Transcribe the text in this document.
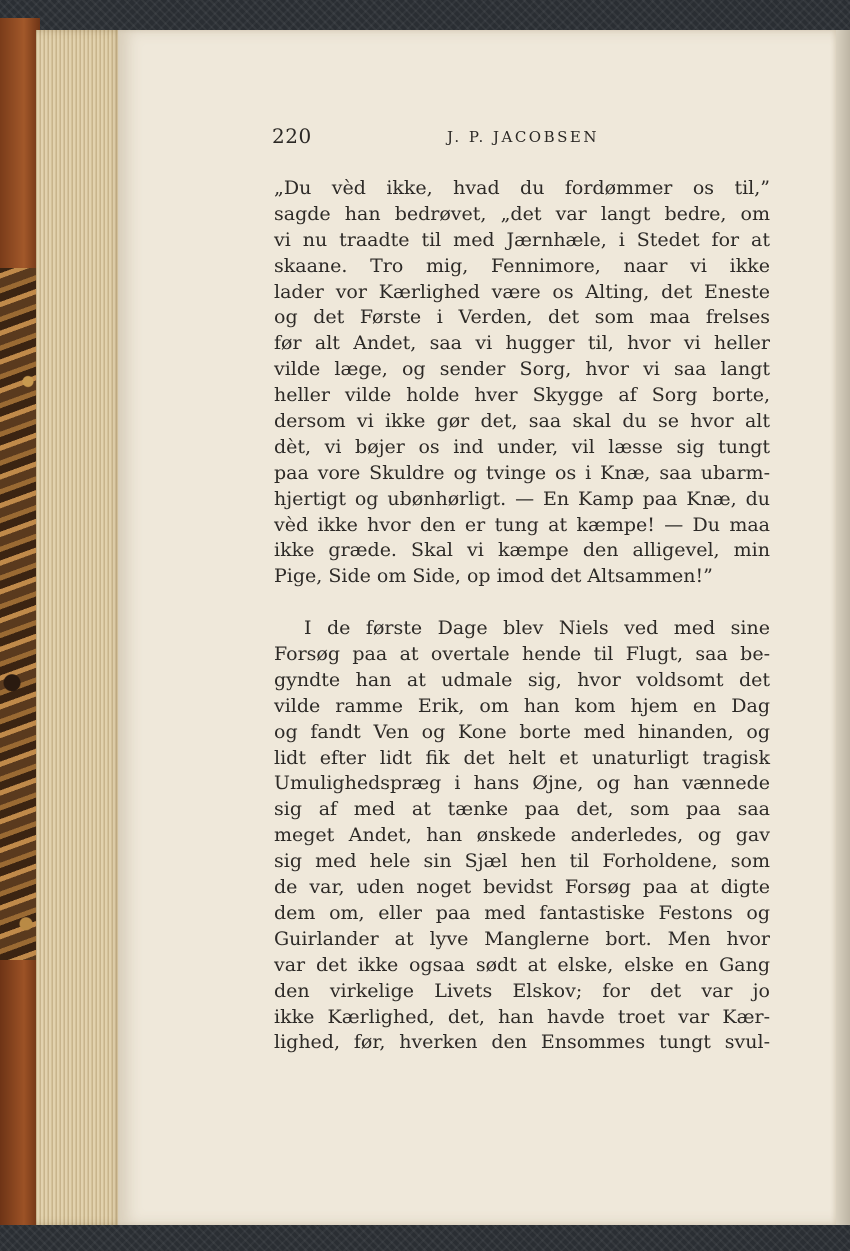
220	J. P. JACOBSEN
„Du vèd ikke, hvad du fordømmer os til,”
sagde han bedrøvet, „det var langt bedre, om
vi nu traadte til med Jærnhæle, i Stedet for at
skaane. Tro mig, Fennimore, naar vi ikke
lader vor Kærlighed være os Alting, det Eneste
og det Første i Verden, det som maa frelses
før alt Andet, saa vi hugger til, hvor vi heller
vilde læge, og sender Sorg, hvor vi saa langt
heller vilde holde hver Skygge af Sorg borte,
dersom vi ikke gør det, saa skal du se hvor alt
dèt, vi bøjer os ind under, vil læsse sig tungt
paa vore Skuldre og tvinge os i Knæ, saa ubarm-
hjertigt og ubønhørligt. — En Kamp paa Knæ, du
vèd ikke hvor den er tung at kæmpe! — Du maa
ikke græde. Skal vi kæmpe den alligevel, min
Pige, Side om Side, op imod det Altsammen!”
I de første Dage blev Niels ved med sine
Forsøg paa at overtale hende til Flugt, saa be-
gyndte han at udmale sig, hvor voldsomt det
vilde ramme Erik, om han kom hjem en Dag
og fandt Ven og Kone borte med hinanden, og
lidt efter lidt fik det helt et unaturligt tragisk
Umulighedspræg i hans Øjne, og han vænnede
sig af med at tænke paa det, som paa saa
meget Andet, han ønskede anderledes, og gav
sig med hele sin Sjæl hen til Forholdene, som
de var, uden noget bevidst Forsøg paa at digte
dem om, eller paa med fantastiske Festons og
Guirlander at lyve Manglerne bort. Men hvor
var det ikke ogsaa sødt at elske, elske en Gang
den virkelige Livets Elskov; for det var jo
ikke Kærlighed, det, han havde troet var Kær-
lighed, før, hverken den Ensommes tungt svul-
